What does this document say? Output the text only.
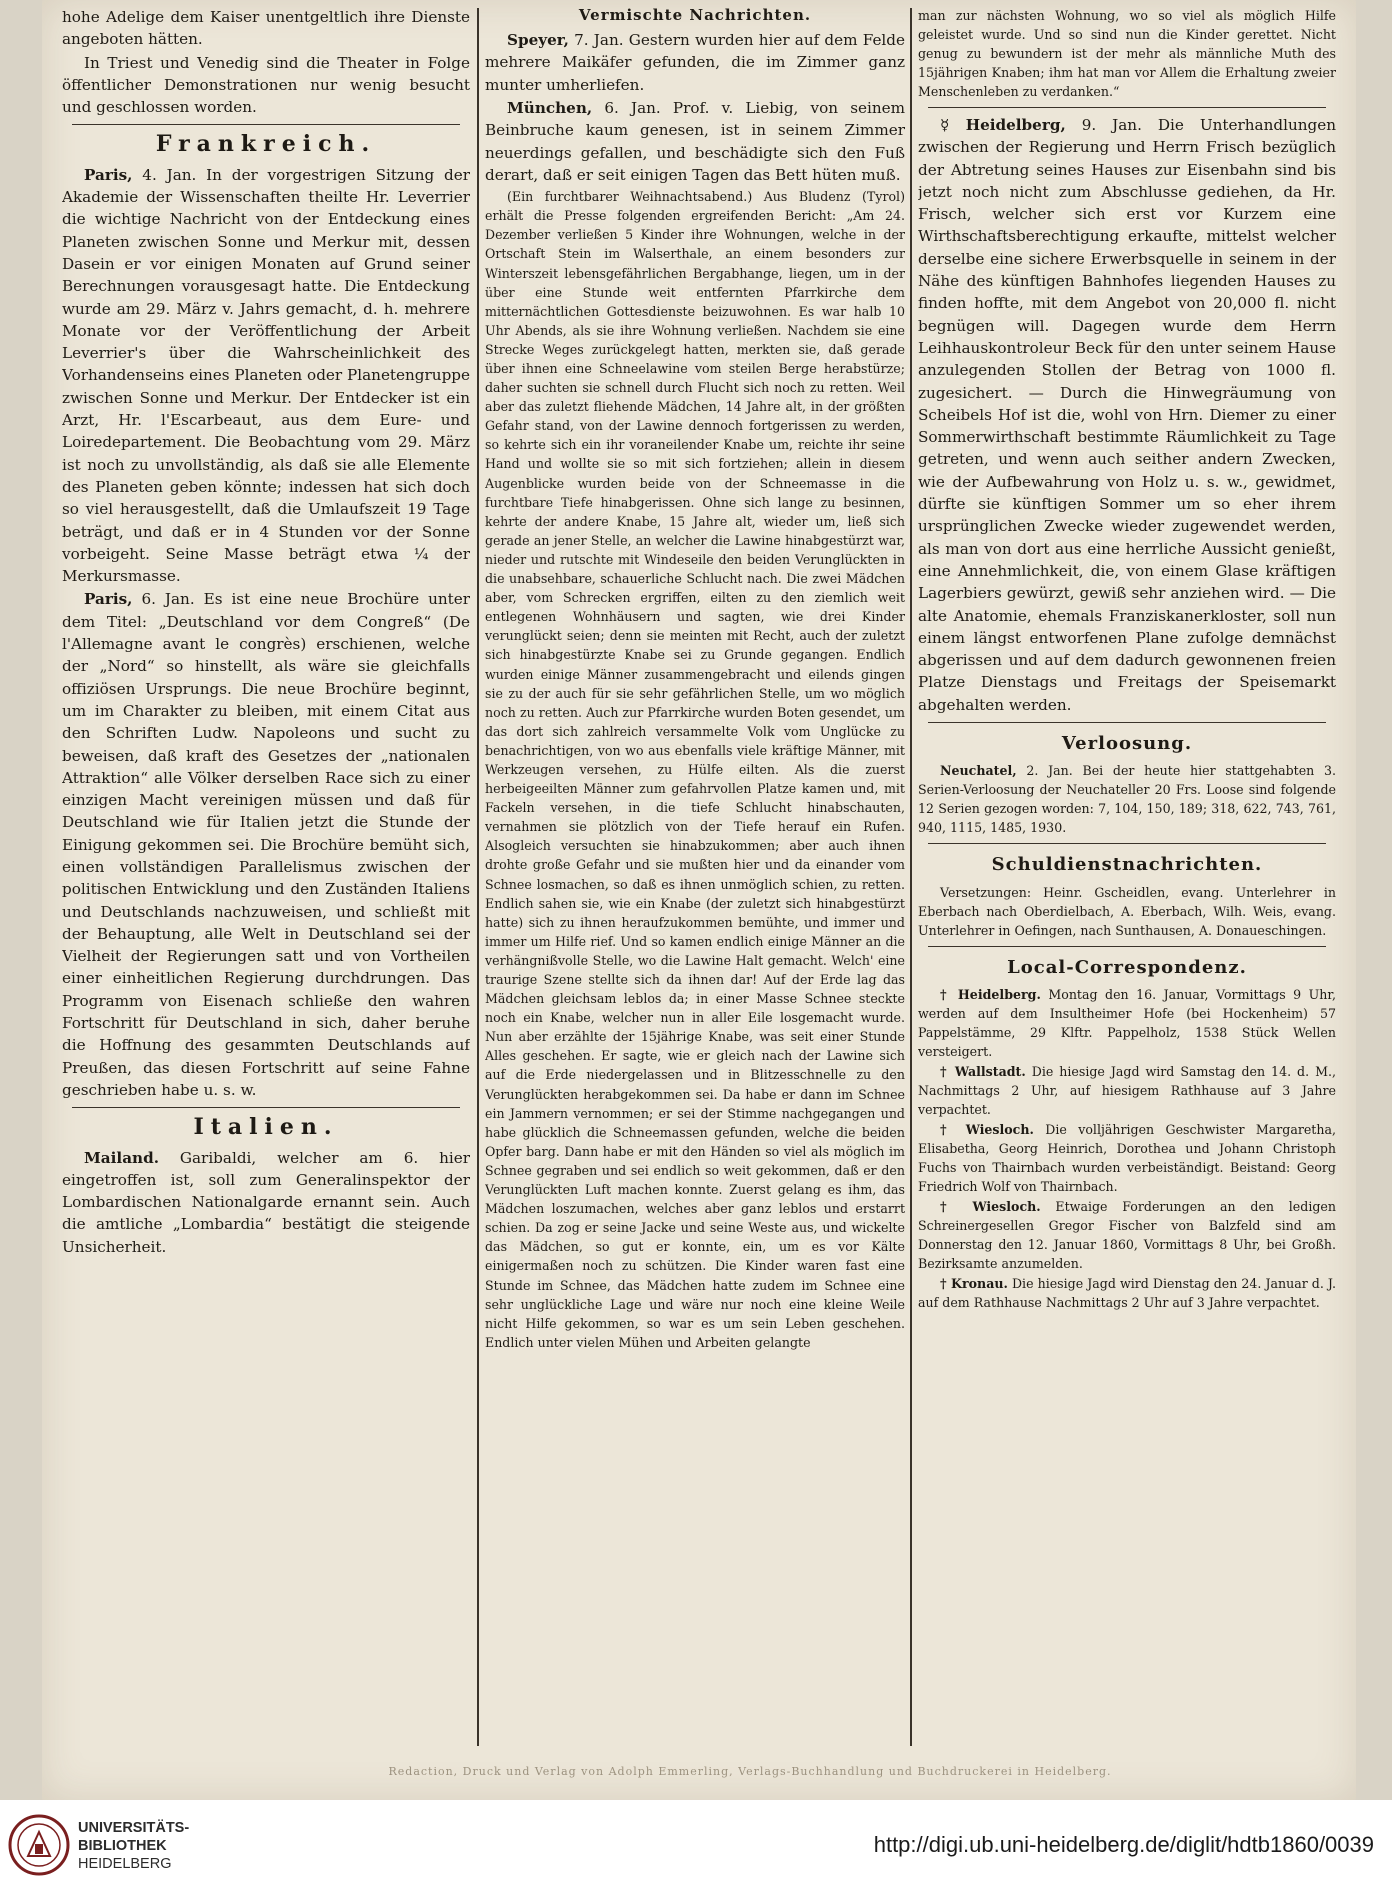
hohe Adelige dem Kaiser unentgeltlich ihre Dienste angeboten hätten.

In Triest und Venedig sind die Theater in Folge öffentlicher Demonstrationen nur wenig besucht und geschlossen worden.

Frankreich.

Paris, 4. Jan. In der vorgestrigen Sitzung der Akademie der Wissenschaften theilte Hr. Leverrier die wichtige Nachricht von der Entdeckung eines Planeten zwischen Sonne und Merkur mit, dessen Dasein er vor einigen Monaten auf Grund seiner Berechnungen vorausgesagt hatte. Die Entdeckung wurde am 29. März v. Jahrs gemacht, d. h. mehrere Monate vor der Veröffentlichung der Arbeit Leverrier's über die Wahrscheinlichkeit des Vorhandenseins eines Planeten oder Planetengruppe zwischen Sonne und Merkur. Der Entdecker ist ein Arzt, Hr. l'Escarbeaut, aus dem Eure- und Loiredepartement. Die Beobachtung vom 29. März ist noch zu unvollständig, als daß sie alle Elemente des Planeten geben könnte; indessen hat sich doch so viel herausgestellt, daß die Umlaufszeit 19 Tage beträgt, und daß er in 4 Stunden vor der Sonne vorbeigeht. Seine Masse beträgt etwa ¼ der Merkursmasse.

Paris, 6. Jan. Es ist eine neue Brochüre unter dem Titel: „Deutschland vor dem Congreß“ (De l'Allemagne avant le congrès) erschienen, welche der „Nord“ so hinstellt, als wäre sie gleichfalls offiziösen Ursprungs. Die neue Brochüre beginnt, um im Charakter zu bleiben, mit einem Citat aus den Schriften Ludw. Napoleons und sucht zu beweisen, daß kraft des Gesetzes der „nationalen Attraktion“ alle Völker derselben Race sich zu einer einzigen Macht vereinigen müssen und daß für Deutschland wie für Italien jetzt die Stunde der Einigung gekommen sei. Die Brochüre bemüht sich, einen vollständigen Parallelismus zwischen der politischen Entwicklung und den Zuständen Italiens und Deutschlands nachzuweisen, und schließt mit der Behauptung, alle Welt in Deutschland sei der Vielheit der Regierungen satt und von Vortheilen einer einheitlichen Regierung durchdrungen. Das Programm von Eisenach schließe den wahren Fortschritt für Deutschland in sich, daher beruhe die Hoffnung des gesammten Deutschlands auf Preußen, das diesen Fortschritt auf seine Fahne geschrieben habe u. s. w.

Italien.

Mailand. Garibaldi, welcher am 6. hier eingetroffen ist, soll zum Generalinspektor der Lombardischen Nationalgarde ernannt sein. Auch die amtliche „Lombardia“ bestätigt die steigende Unsicherheit.

Vermischte Nachrichten.

Speyer, 7. Jan. Gestern wurden hier auf dem Felde mehrere Maikäfer gefunden, die im Zimmer ganz munter umherliefen.

München, 6. Jan. Prof. v. Liebig, von seinem Beinbruche kaum genesen, ist in seinem Zimmer neuerdings gefallen, und beschädigte sich den Fuß derart, daß er seit einigen Tagen das Bett hüten muß.

(Ein furchtbarer Weihnachtsabend.) Aus Bludenz (Tyrol) erhält die Presse folgenden ergreifenden Bericht: „Am 24. Dezember verließen 5 Kinder ihre Wohnungen, welche in der Ortschaft Stein im Walserthale, an einem besonders zur Winterszeit lebensgefährlichen Bergabhange, liegen, um in der über eine Stunde weit entfernten Pfarrkirche dem mitternächtlichen Gottesdienste beizuwohnen. Es war halb 10 Uhr Abends, als sie ihre Wohnung verließen. Nachdem sie eine Strecke Weges zurückgelegt hatten, merkten sie, daß gerade über ihnen eine Schneelawine vom steilen Berge herabstürze; daher suchten sie schnell durch Flucht sich noch zu retten. Weil aber das zuletzt fliehende Mädchen, 14 Jahre alt, in der größten Gefahr stand, von der Lawine dennoch fortgerissen zu werden, so kehrte sich ein ihr voraneilender Knabe um, reichte ihr seine Hand und wollte sie so mit sich fortziehen; allein in diesem Augenblicke wurden beide von der Schneemasse in die furchtbare Tiefe hinabgerissen. Ohne sich lange zu besinnen, kehrte der andere Knabe, 15 Jahre alt, wieder um, ließ sich gerade an jener Stelle, an welcher die Lawine hinabgestürzt war, nieder und rutschte mit Windeseile den beiden Verunglückten in die unabsehbare, schauerliche Schlucht nach. Die zwei Mädchen aber, vom Schrecken ergriffen, eilten zu den ziemlich weit entlegenen Wohnhäusern und sagten, wie drei Kinder verunglückt seien; denn sie meinten mit Recht, auch der zuletzt sich hinabgestürzte Knabe sei zu Grunde gegangen. Endlich wurden einige Männer zusammengebracht und eilends gingen sie zu der auch für sie sehr gefährlichen Stelle, um wo möglich noch zu retten. Auch zur Pfarrkirche wurden Boten gesendet, um das dort sich zahlreich versammelte Volk vom Unglücke zu benachrichtigen, von wo aus ebenfalls viele kräftige Männer, mit Werkzeugen versehen, zu Hülfe eilten. Als die zuerst herbeigeeilten Männer zum gefahrvollen Platze kamen und, mit Fackeln versehen, in die tiefe Schlucht hinabschauten, vernahmen sie plötzlich von der Tiefe herauf ein Rufen. Alsogleich versuchten sie hinabzukommen; aber auch ihnen drohte große Gefahr und sie mußten hier und da einander vom Schnee losmachen, so daß es ihnen unmöglich schien, zu retten. Endlich sahen sie, wie ein Knabe (der zuletzt sich hinabgestürzt hatte) sich zu ihnen heraufzukommen bemühte, und immer und immer um Hilfe rief. Und so kamen endlich einige Männer an die verhängnißvolle Stelle, wo die Lawine Halt gemacht. Welch' eine traurige Szene stellte sich da ihnen dar! Auf der Erde lag das Mädchen gleichsam leblos da; in einer Masse Schnee steckte noch ein Knabe, welcher nun in aller Eile losgemacht wurde. Nun aber erzählte der 15jährige Knabe, was seit einer Stunde Alles geschehen. Er sagte, wie er gleich nach der Lawine sich auf die Erde niedergelassen und in Blitzesschnelle zu den Verunglückten herabgekommen sei. Da habe er dann im Schnee ein Jammern vernommen; er sei der Stimme nachgegangen und habe glücklich die Schneemassen gefunden, welche die beiden Opfer barg. Dann habe er mit den Händen so viel als möglich im Schnee gegraben und sei endlich so weit gekommen, daß er den Verunglückten Luft machen konnte. Zuerst gelang es ihm, das Mädchen loszumachen, welches aber ganz leblos und erstarrt schien. Da zog er seine Jacke und seine Weste aus, und wickelte das Mädchen, so gut er konnte, ein, um es vor Kälte einigermaßen noch zu schützen. Die Kinder waren fast eine Stunde im Schnee, das Mädchen hatte zudem im Schnee eine sehr unglückliche Lage und wäre nur noch eine kleine Weile nicht Hilfe gekommen, so war es um sein Leben geschehen. Endlich unter vielen Mühen und Arbeiten gelangte

man zur nächsten Wohnung, wo so viel als möglich Hilfe geleistet wurde. Und so sind nun die Kinder gerettet. Nicht genug zu bewundern ist der mehr als männliche Muth des 15jährigen Knaben; ihm hat man vor Allem die Erhaltung zweier Menschenleben zu verdanken.“

☿ Heidelberg, 9. Jan. Die Unterhandlungen zwischen der Regierung und Herrn Frisch bezüglich der Abtretung seines Hauses zur Eisenbahn sind bis jetzt noch nicht zum Abschlusse gediehen, da Hr. Frisch, welcher sich erst vor Kurzem eine Wirthschaftsberechtigung erkaufte, mittelst welcher derselbe eine sichere Erwerbsquelle in seinem in der Nähe des künftigen Bahnhofes liegenden Hauses zu finden hoffte, mit dem Angebot von 20,000 fl. nicht begnügen will. Dagegen wurde dem Herrn Leihhauskontroleur Beck für den unter seinem Hause anzulegenden Stollen der Betrag von 1000 fl. zugesichert. — Durch die Hinwegräumung von Scheibels Hof ist die, wohl von Hrn. Diemer zu einer Sommerwirthschaft bestimmte Räumlichkeit zu Tage getreten, und wenn auch seither andern Zwecken, wie der Aufbewahrung von Holz u. s. w., gewidmet, dürfte sie künftigen Sommer um so eher ihrem ursprünglichen Zwecke wieder zugewendet werden, als man von dort aus eine herrliche Aussicht genießt, eine Annehmlichkeit, die, von einem Glase kräftigen Lagerbiers gewürzt, gewiß sehr anziehen wird. — Die alte Anatomie, ehemals Franziskanerkloster, soll nun einem längst entworfenen Plane zufolge demnächst abgerissen und auf dem dadurch gewonnenen freien Platze Dienstags und Freitags der Speisemarkt abgehalten werden.

Verloosung.

Neuchatel, 2. Jan. Bei der heute hier stattgehabten 3. Serien-Verloosung der Neuchateller 20 Frs. Loose sind folgende 12 Serien gezogen worden: 7, 104, 150, 189; 318, 622, 743, 761, 940, 1115, 1485, 1930.

Schuldienstnachrichten.

Versetzungen: Heinr. Gscheidlen, evang. Unterlehrer in Eberbach nach Oberdielbach, A. Eberbach, Wilh. Weis, evang. Unterlehrer in Oefingen, nach Sunthausen, A. Donaueschingen.

Local-Correspondenz.

† Heidelberg. Montag den 16. Januar, Vormittags 9 Uhr, werden auf dem Insultheimer Hofe (bei Hockenheim) 57 Pappelstämme, 29 Klftr. Pappelholz, 1538 Stück Wellen versteigert.

† Wallstadt. Die hiesige Jagd wird Samstag den 14. d. M., Nachmittags 2 Uhr, auf hiesigem Rathhause auf 3 Jahre verpachtet.

† Wiesloch. Die volljährigen Geschwister Margaretha, Elisabetha, Georg Heinrich, Dorothea und Johann Christoph Fuchs von Thairnbach wurden verbeiständigt. Beistand: Georg Friedrich Wolf von Thairnbach.

† Wiesloch. Etwaige Forderungen an den ledigen Schreinergesellen Gregor Fischer von Balzfeld sind am Donnerstag den 12. Januar 1860, Vormittags 8 Uhr, bei Großh. Bezirksamte anzumelden.

† Kronau. Die hiesige Jagd wird Dienstag den 24. Januar d. J. auf dem Rathhause Nachmittags 2 Uhr auf 3 Jahre verpachtet.

Redaction, Druck und Verlag von Adolph Emmerling, Verlags-Buchhandlung und Buchdruckerei in Heidelberg.
UNIVERSITÄTS-
BIBLIOTHEK
HEIDELBERG
http://digi.ub.uni-heidelberg.de/diglit/hdtb1860/0039
